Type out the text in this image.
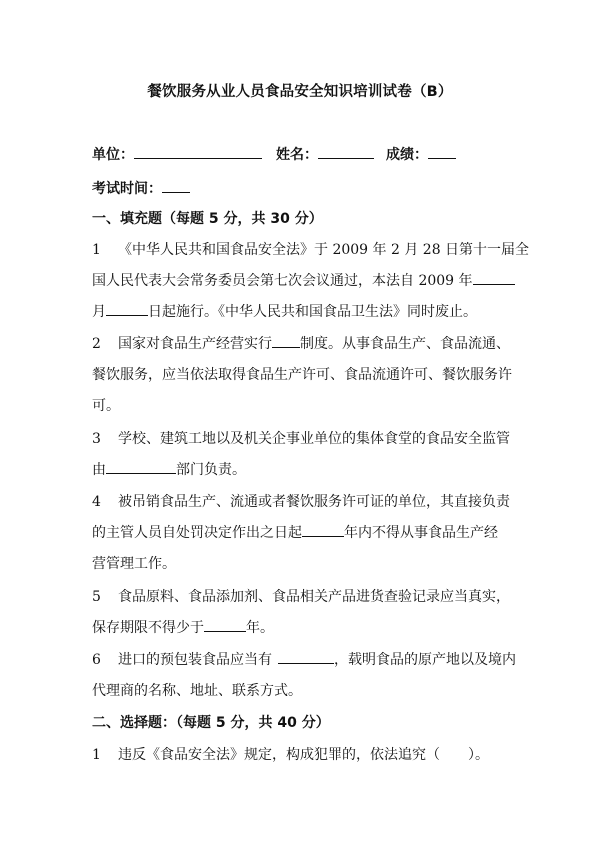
餐饮服务从业人员食品安全知识培训试卷（B）
单位：	姓名：	成绩：
考试时间：
一、填充题（每题 5 分，共 30 分）
1 《中华人民共和国食品安全法》于 2009 年 2 月 28 日第十一届全
国人民代表大会常务委员会第七次会议通过，本法自 2009 年
月	日起施行。《中华人民共和国食品卫生法》同时废止。
2 国家对食品生产经营实行 制度。从事食品生产、食品流通、
餐饮服务，应当依法取得食品生产许可、食品流通许可、餐饮服务许
可。
3 学校、建筑工地以及机关企事业单位的集体食堂的食品安全监管
由	部门负责。
4 被吊销食品生产、流通或者餐饮服务许可证的单位，其直接负责
的主管人员自处罚决定作出之日起	年内不得从事食品生产经
营管理工作。
5 食品原料、食品添加剂、食品相关产品进货查验记录应当真实，
保存期限不得少于	年。
6 进口的预包装食品应当有	，载明食品的原产地以及境内
代理商的名称、地址、联系方式。
二、选择题：（每题 5 分，共 40 分）
1 违反《食品安全法》规定，构成犯罪的，依法追究（　　）。
